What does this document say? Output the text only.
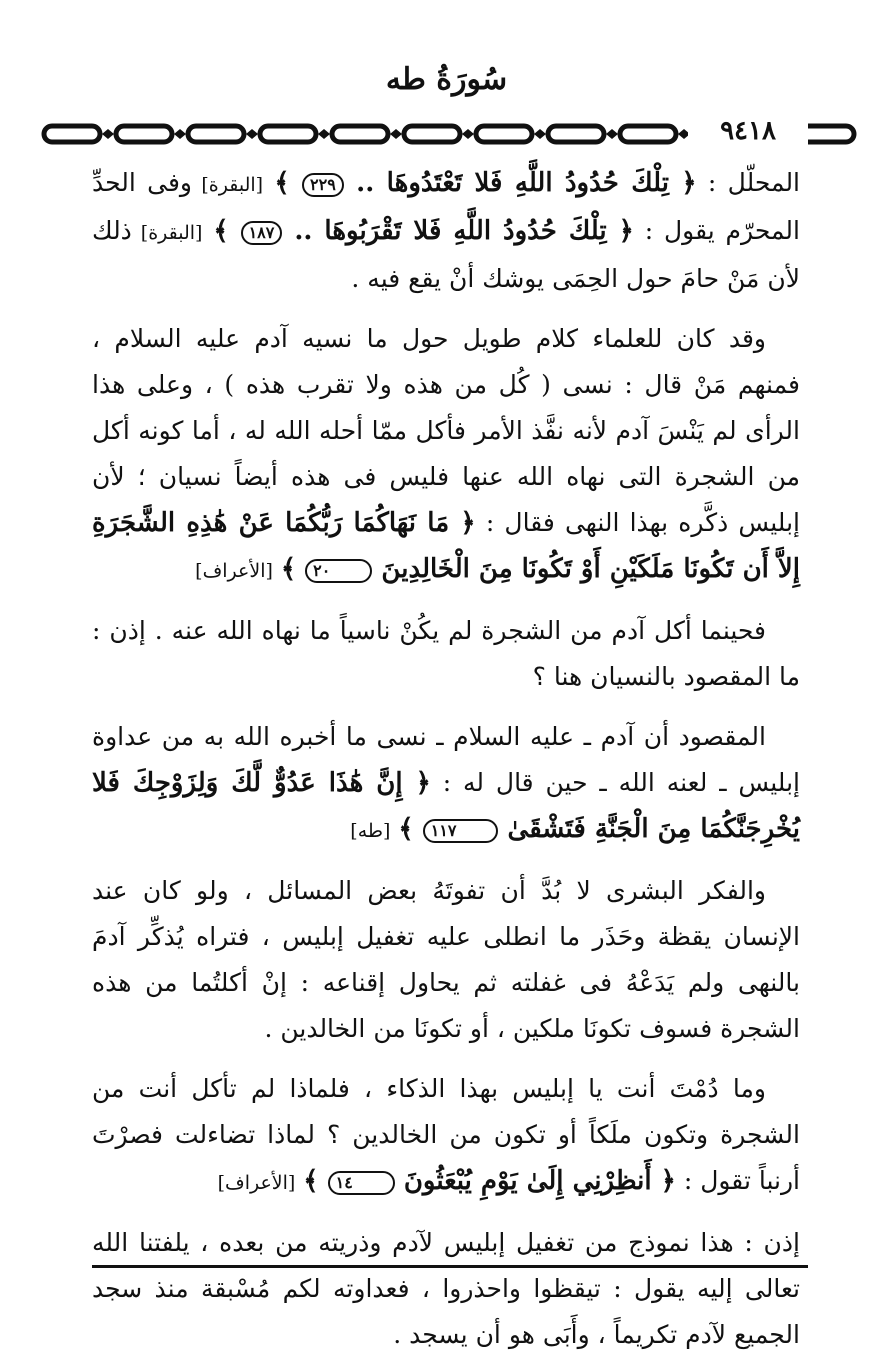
سُورَةُ طه
٩٤١٨

المحلّل : ﴿ تِلْكَ حُدُودُ اللَّهِ فَلا تَعْتَدُوهَا .. ٢٢٩ ﴾ [البقرة] وفى الحدِّ المحرّم يقول : ﴿ تِلْكَ حُدُودُ اللَّهِ فَلا تَقْرَبُوهَا .. ١٨٧ ﴾ [البقرة] ذلك لأن مَنْ حامَ حول الحِمَى يوشك أنْ يقع فيه .

وقد كان للعلماء كلام طويل حول ما نسيه آدم عليه السلام ، فمنهم مَنْ قال : نسى ( كُل من هذه ولا تقرب هذه ) ، وعلى هذا الرأى لم يَنْسَ آدم لأنه نفَّذ الأمر فأكل ممّا أحله الله له ، أما كونه أكل من الشجرة التى نهاه الله عنها فليس فى هذه أيضاً نسيان ؛ لأن إبليس ذكَّره بهذا النهى فقال : ﴿ مَا نَهَاكُمَا رَبُّكُمَا عَنْ هَٰذِهِ الشَّجَرَةِ إِلاَّ أَن تَكُونَا مَلَكَيْنِ أَوْ تَكُونَا مِنَ الْخَالِدِينَ ٢٠ ﴾ [الأعراف]

فحينما أكل آدم من الشجرة لم يكُنْ ناسياً ما نهاه الله عنه . إذن : ما المقصود بالنسيان هنا ؟

المقصود أن آدم ـ عليه السلام ـ نسى ما أخبره الله به من عداوة إبليس ـ لعنه الله ـ حين قال له : ﴿ إِنَّ هَٰذَا عَدُوٌّ لَّكَ وَلِزَوْجِكَ فَلا يُخْرِجَنَّكُمَا مِنَ الْجَنَّةِ فَتَشْقَىٰ ١١٧ ﴾ [طه]

والفكر البشرى لا بُدَّ أن تفوتَهُ بعض المسائل ، ولو كان عند الإنسان يقظة وحَذَر ما انطلى عليه تغفيل إبليس ، فتراه يُذكِّر آدمَ بالنهى ولم يَدَعْهُ فى غفلته ثم يحاول إقناعه : إنْ أكلتُما من هذه الشجرة فسوف تكونَا ملكين ، أو تكونَا من الخالدين .

وما دُمْتَ أنت يا إبليس بهذا الذكاء ، فلماذا لم تأكل أنت من الشجرة وتكون ملَكاً أو تكون من الخالدين ؟ لماذا تضاءلت فصرْتَ أرنباً تقول : ﴿ أَنظِرْنِي إِلَىٰ يَوْمِ يُبْعَثُونَ ١٤ ﴾ [الأعراف]

إذن : هذا نموذج من تغفيل إبليس لآدم وذريته من بعده ، يلفتنا الله تعالى إليه يقول : تيقظوا واحذروا ، فعداوته لكم مُسْبقة منذ سجد الجميع لآدم تكريماً ، وأَبَى هو أن يسجد .
